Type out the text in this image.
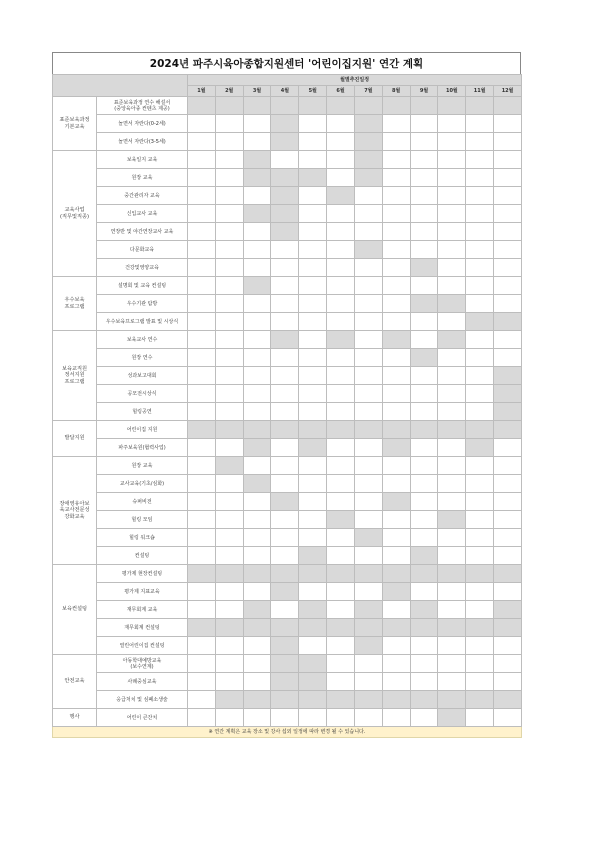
2024년 파주시육아종합지원센터 '어린이집지원' 연간 계획
		월별추진일정											
		1월	2월	3월	4월	5월	6월	7월	8월	9월	10월	11월	12월
표준보육과정
기본교육	표준보육과정 연수 해설서
(중앙육아종 컨텐츠 제공)												
	놀면서 자란다(0-2세)												
	놀면서 자란다(3-5세)												
교육사업
(직무및직종)	보육일지 교육												
	원장 교육												
	중간관리자 교육												
	신입교사 교육												
	연장반 및 야간연장교사 교육												
	다문화교육												
	건강및영양교육												
우수보육
프로그램	설명회 및 교육 컨설팅												
	우수기관 탐방												
	우수보육프로그램 발표 및 시상식												
보육교직원
정서지원
프로그램	보육교사 연수												
	원장 연수												
	성과보고대회												
	공모전시상식												
	힐링공연												
발달지원	어린이집 지원												
	파주보육원(협력사업)												
장애영유아보
육교사전문성
강화교육	원장 교육												
	교사교육(기초/심화)												
	슈퍼비전												
	힐링 모임												
	힐링 워크숍												
	컨설팅												
보육컨설팅	평가제 현장컨설팅												
	평가제 지표교육												
	재무회계 교육												
	재무회계 컨설팅												
	열린어린이집 컨설팅												
안전교육	아동학대예방교육
(보수연계)												
	사례중심교육												
	응급처치 및 심폐소생술												
행사	어린이 큰잔치												
※ 연간 계획은 교육 장소 및 강사 섭외 일정에 따라 변경 될 수 있습니다.													
